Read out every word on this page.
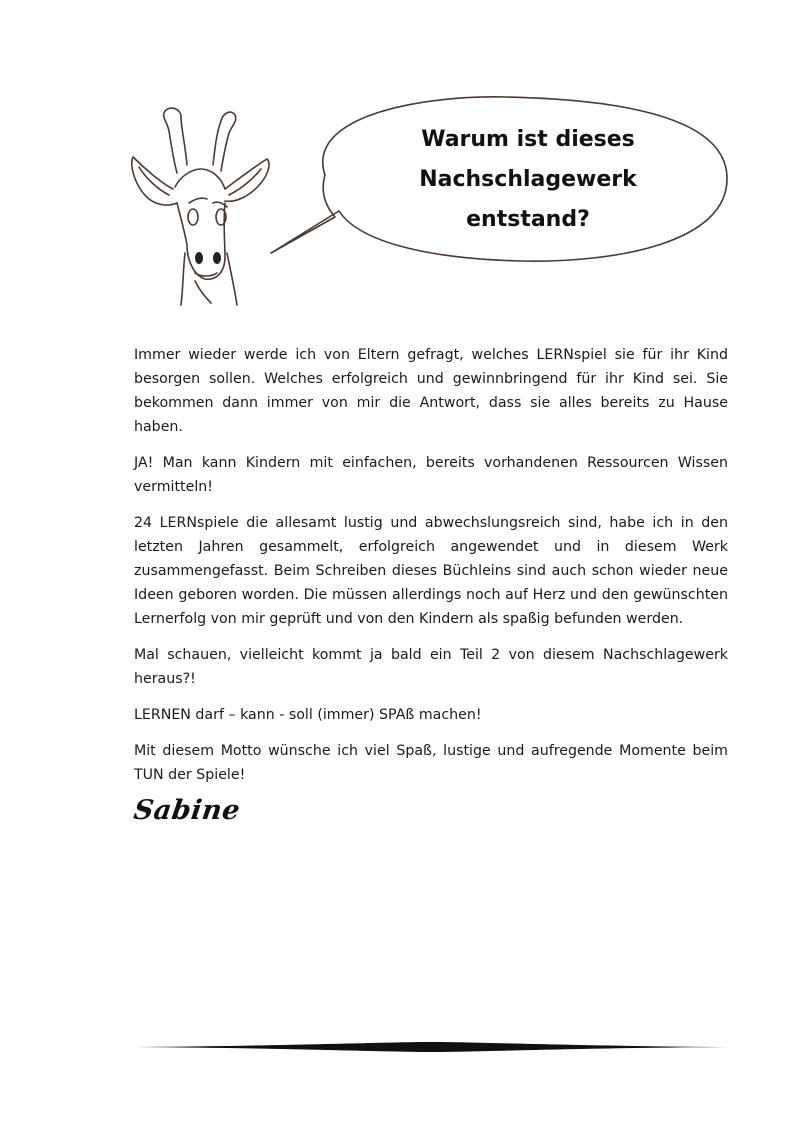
Warum ist dieses
Nachschlagewerk
entstand?

Immer wieder werde ich von Eltern gefragt, welches LERNspiel sie für ihr Kind besorgen sollen. Welches erfolgreich und gewinnbringend für ihr Kind sei. Sie bekommen dann immer von mir die Antwort, dass sie alles bereits zu Hause haben.

JA! Man kann Kindern mit einfachen, bereits vorhandenen Ressourcen Wissen vermitteln!

24 LERNspiele die allesamt lustig und abwechslungsreich sind, habe ich in den letzten Jahren gesammelt, erfolgreich angewendet und in diesem Werk zusammengefasst. Beim Schreiben dieses Büchleins sind auch schon wieder neue Ideen geboren worden. Die müssen allerdings noch auf Herz und den gewünschten Lernerfolg von mir geprüft und von den Kindern als spaßig befunden werden.

Mal schauen, vielleicht kommt ja bald ein Teil 2 von diesem Nachschlagewerk heraus?!

LERNEN darf – kann - soll (immer) SPAß machen!

Mit diesem Motto wünsche ich viel Spaß, lustige und aufregende Momente beim TUN der Spiele!

Sabine
